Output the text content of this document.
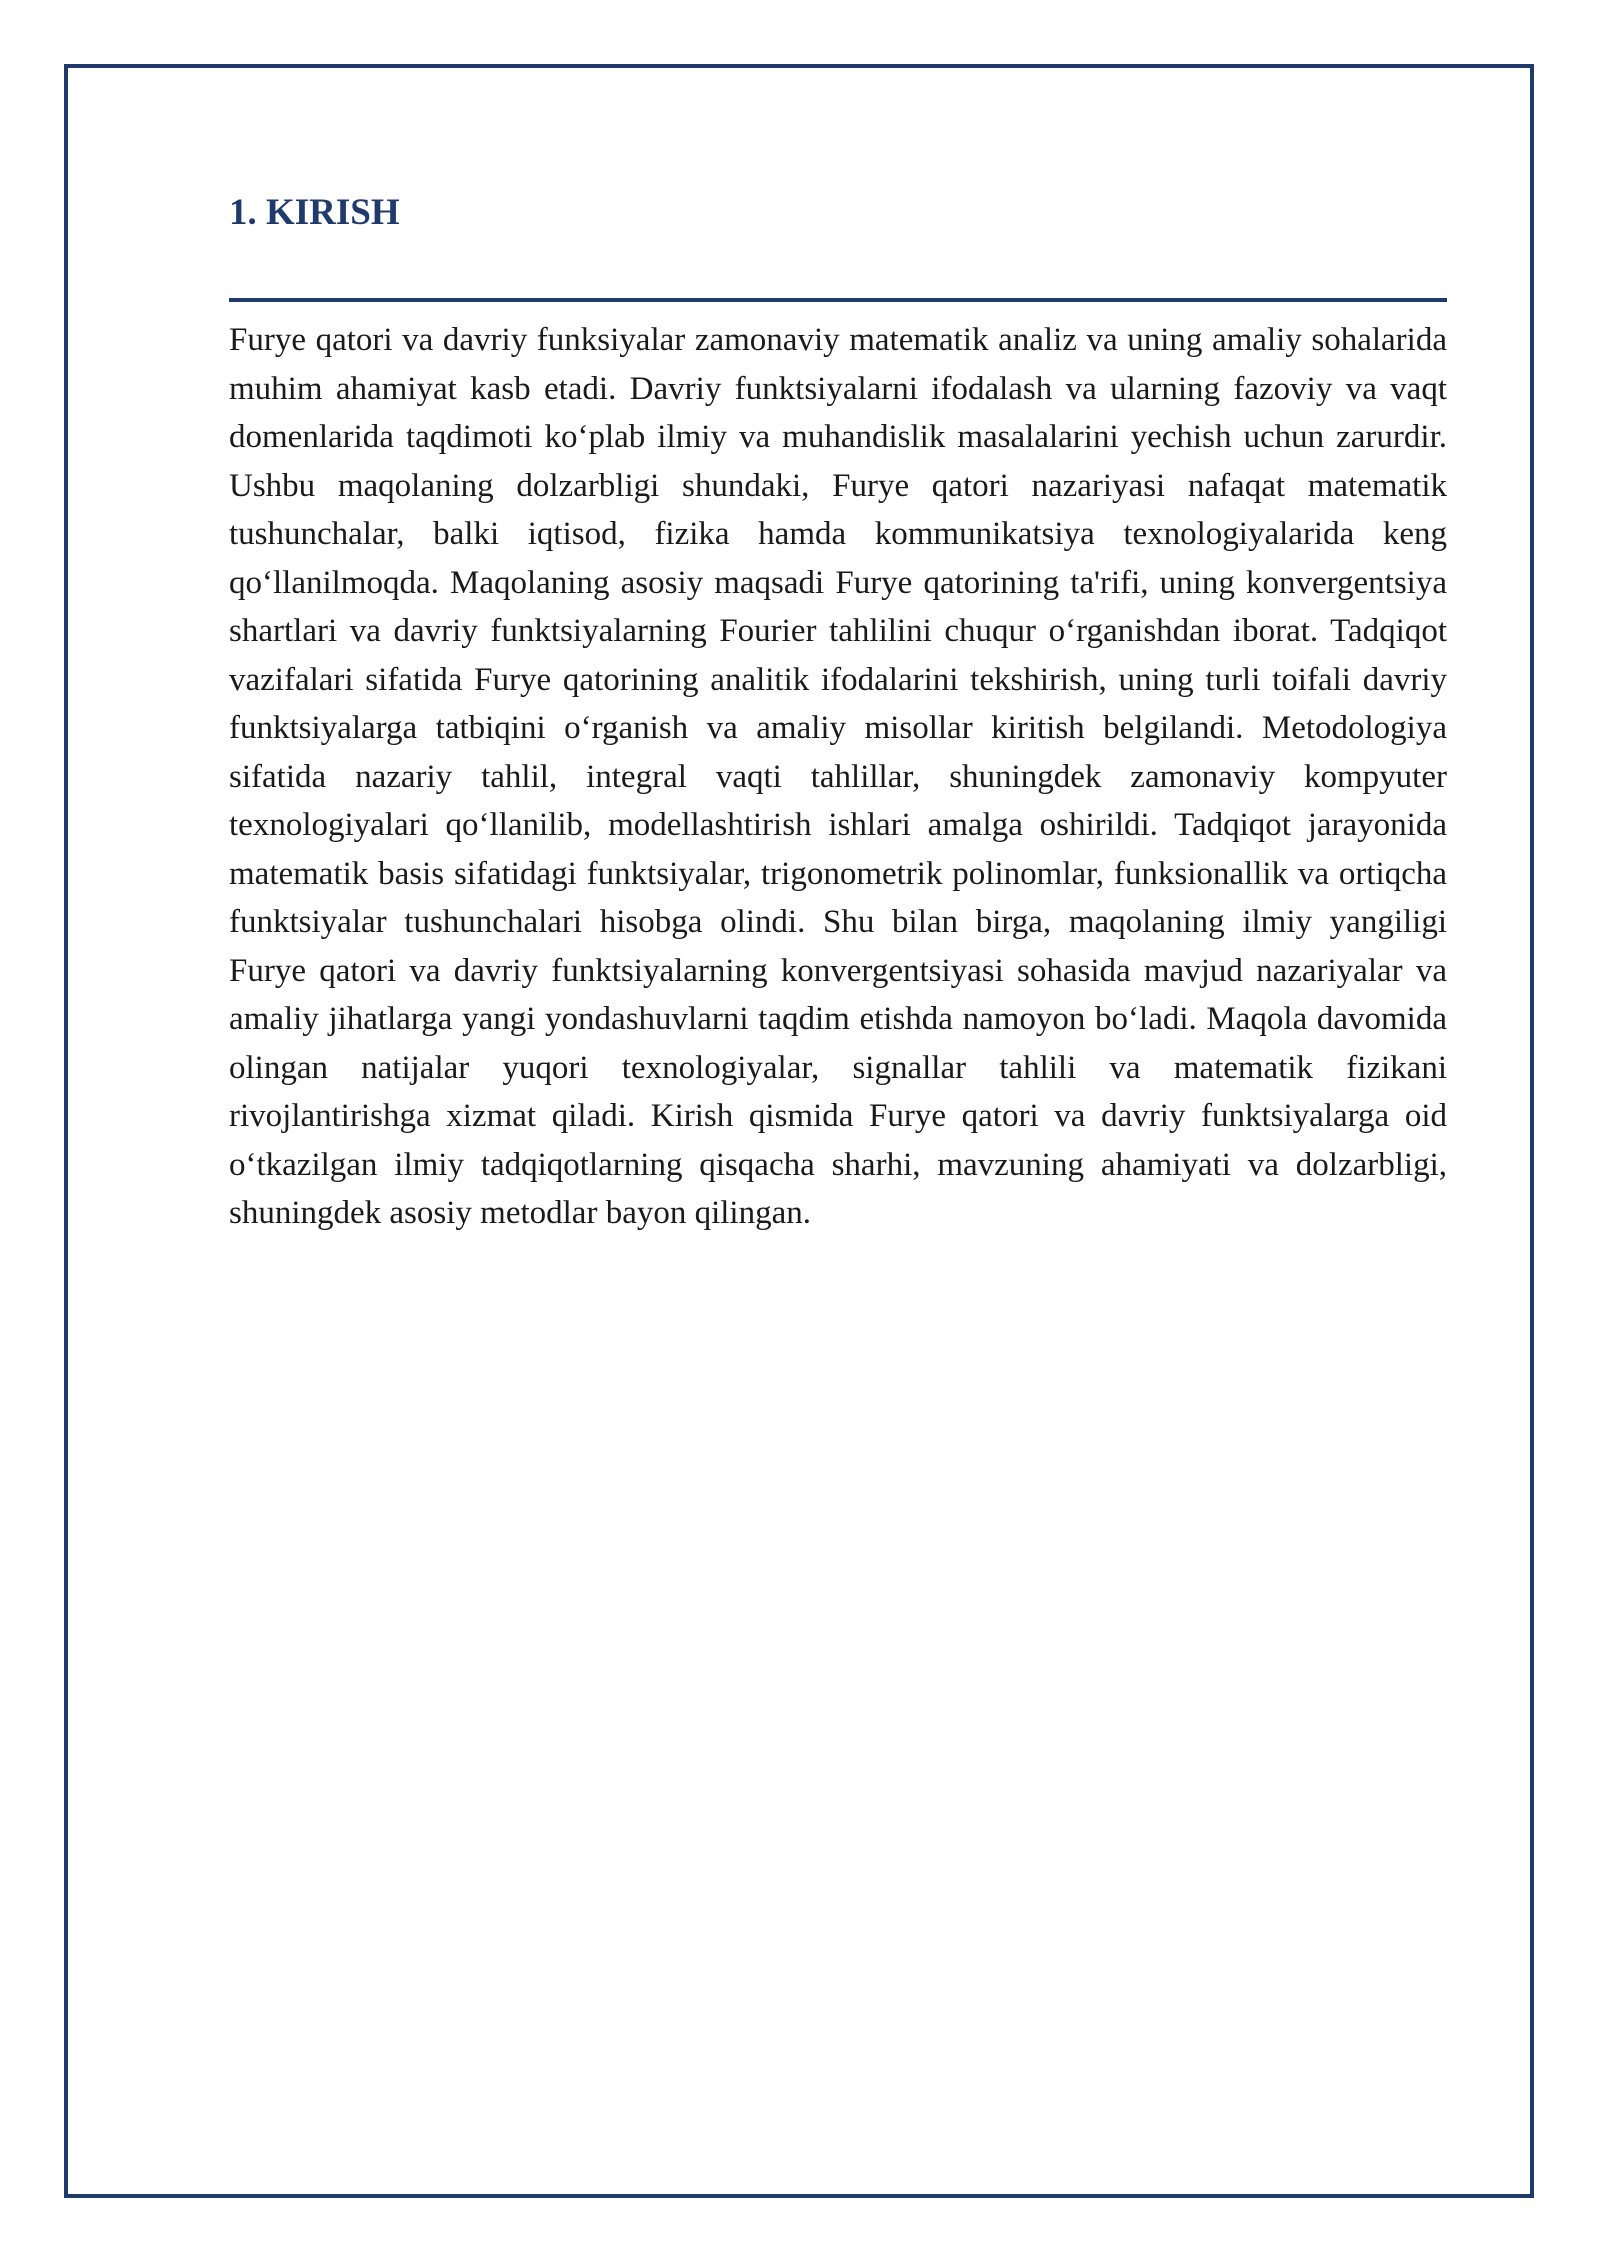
1. KIRISH

Furye qatori va davriy funksiyalar zamonaviy matematik analiz va uning amaliy sohalarida muhim ahamiyat kasb etadi. Davriy funktsiyalarni ifodalash va ularning fazoviy va vaqt domenlarida taqdimoti ko‘plab ilmiy va muhandislik masalalarini yechish uchun zarurdir. Ushbu maqolaning dolzarbligi shundaki, Furye qatori nazariyasi nafaqat matematik tushunchalar, balki iqtisod, fizika hamda kommunikatsiya texnologiyalarida keng qo‘llanilmoqda. Maqolaning asosiy maqsadi Furye qatorining ta'rifi, uning konvergentsiya shartlari va davriy funktsiyalarning Fourier tahlilini chuqur o‘rganishdan iborat. Tadqiqot vazifalari sifatida Furye qatorining analitik ifodalarini tekshirish, uning turli toifali davriy funktsiyalarga tatbiqini o‘rganish va amaliy misollar kiritish belgilandi. Metodologiya sifatida nazariy tahlil, integral vaqti tahlillar, shuningdek zamonaviy kompyuter texnologiyalari qo‘llanilib, modellashtirish ishlari amalga oshirildi. Tadqiqot jarayonida matematik basis sifatidagi funktsiyalar, trigonometrik polinomlar, funksionallik va ortiqcha funktsiyalar tushunchalari hisobga olindi. Shu bilan birga, maqolaning ilmiy yangiligi Furye qatori va davriy funktsiyalarning konvergentsiyasi sohasida mavjud nazariyalar va amaliy jihatlarga yangi yondashuvlarni taqdim etishda namoyon bo‘ladi. Maqola davomida olingan natijalar yuqori texnologiyalar, signallar tahlili va matematik fizikani rivojlantirishga xizmat qiladi. Kirish qismida Furye qatori va davriy funktsiyalarga oid o‘tkazilgan ilmiy tadqiqotlarning qisqacha sharhi, mavzuning ahamiyati va dolzarbligi, shuningdek asosiy metodlar bayon qilingan.
